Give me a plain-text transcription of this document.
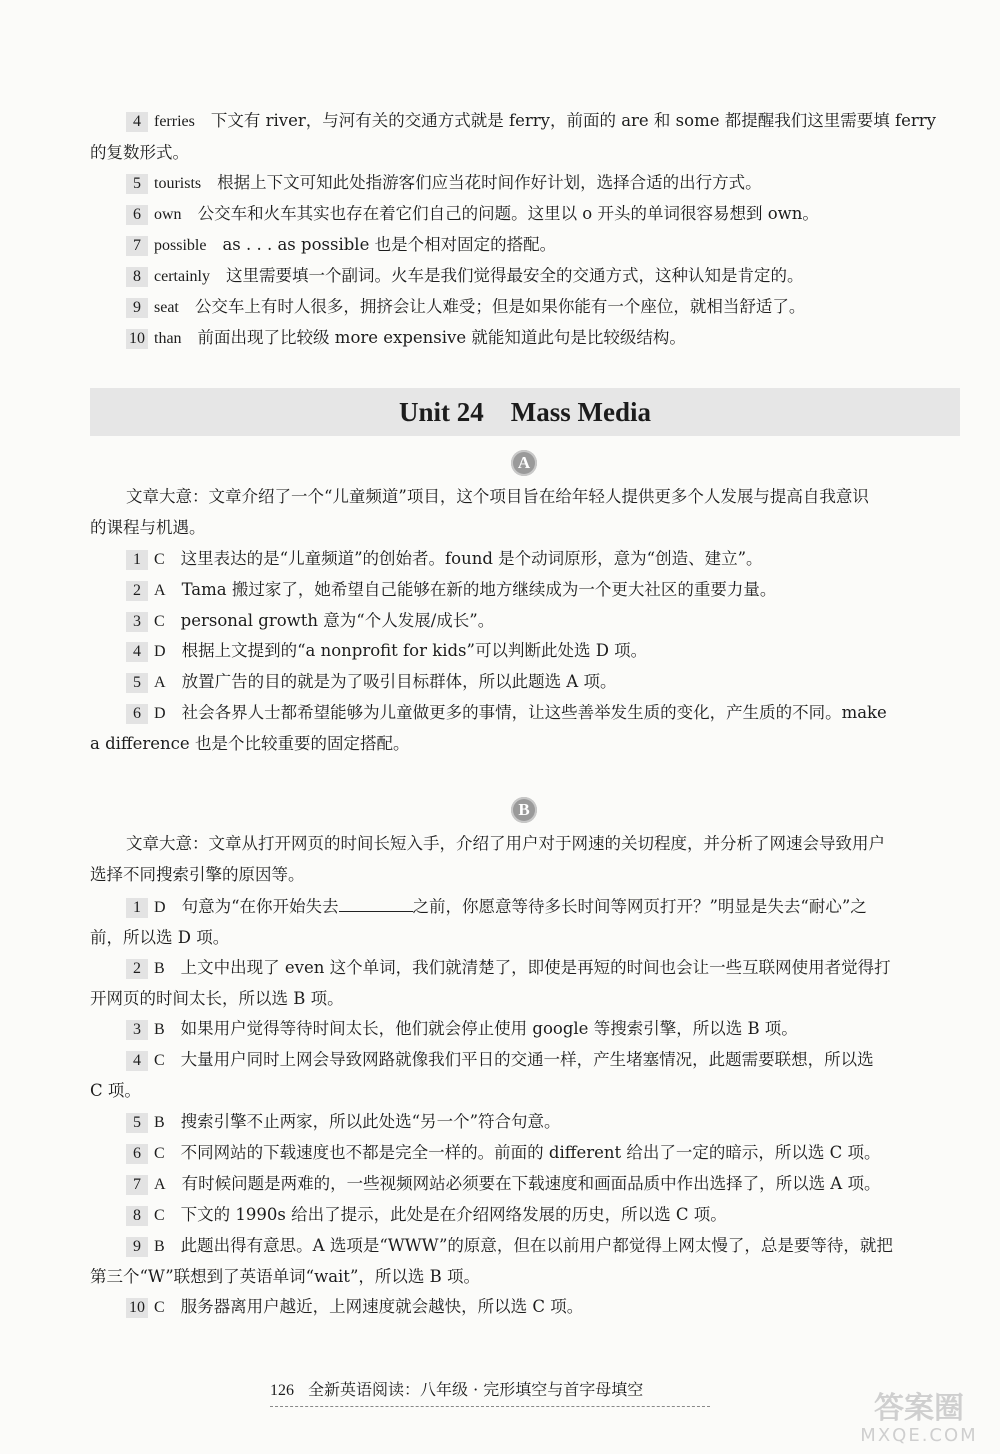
4 ferries 下文有 river，与河有关的交通方式就是 ferry，前面的 are 和 some 都提醒我们这里需要填 ferry
的复数形式。
5 tourists 根据上下文可知此处指游客们应当花时间作好计划，选择合适的出行方式。
6 own 公交车和火车其实也存在着它们自己的问题。这里以 o 开头的单词很容易想到 own。
7 possible as . . . as possible 也是个相对固定的搭配。
8 certainly 这里需要填一个副词。火车是我们觉得最安全的交通方式，这种认知是肯定的。
9 seat 公交车上有时人很多，拥挤会让人难受；但是如果你能有一个座位，就相当舒适了。
10 than 前面出现了比较级 more expensive 就能知道此句是比较级结构。
Unit 24　Mass Media
A
文章大意：文章介绍了一个“儿童频道”项目，这个项目旨在给年轻人提供更多个人发展与提高自我意识
的课程与机遇。
1 C 这里表达的是“儿童频道”的创始者。found 是个动词原形，意为“创造、建立”。
2 A Tama 搬过家了，她希望自己能够在新的地方继续成为一个更大社区的重要力量。
3 C personal growth 意为“个人发展/成长”。
4 D 根据上文提到的“a nonprofit for kids”可以判断此处选 D 项。
5 A 放置广告的目的就是为了吸引目标群体，所以此题选 A 项。
6 D 社会各界人士都希望能够为儿童做更多的事情，让这些善举发生质的变化，产生质的不同。make
a difference 也是个比较重要的固定搭配。
B
文章大意：文章从打开网页的时间长短入手，介绍了用户对于网速的关切程度，并分析了网速会导致用户
选择不同搜索引擎的原因等。
1 D 句意为“在你开始失去	之前，你愿意等待多长时间等网页打开？”明显是失去“耐心”之
前，所以选 D 项。
2 B 上文中出现了 even 这个单词，我们就清楚了，即使是再短的时间也会让一些互联网使用者觉得打
开网页的时间太长，所以选 B 项。
3 B 如果用户觉得等待时间太长，他们就会停止使用 google 等搜索引擎，所以选 B 项。
4 C 大量用户同时上网会导致网路就像我们平日的交通一样，产生堵塞情况，此题需要联想，所以选
C 项。
5 B 搜索引擎不止两家，所以此处选“另一个”符合句意。
6 C 不同网站的下载速度也不都是完全一样的。前面的 different 给出了一定的暗示，所以选 C 项。
7 A 有时候问题是两难的，一些视频网站必须要在下载速度和画面品质中作出选择了，所以选 A 项。
8 C 下文的 1990s 给出了提示，此处是在介绍网络发展的历史，所以选 C 项。
9 B 此题出得有意思。A 选项是“WWW”的原意，但在以前用户都觉得上网太慢了，总是要等待，就把
第三个“W”联想到了英语单词“wait”，所以选 B 项。
10 C 服务器离用户越近，上网速度就会越快，所以选 C 项。
126 全新英语阅读：八年级 · 完形填空与首字母填空
答案圈
MXQE.COM
